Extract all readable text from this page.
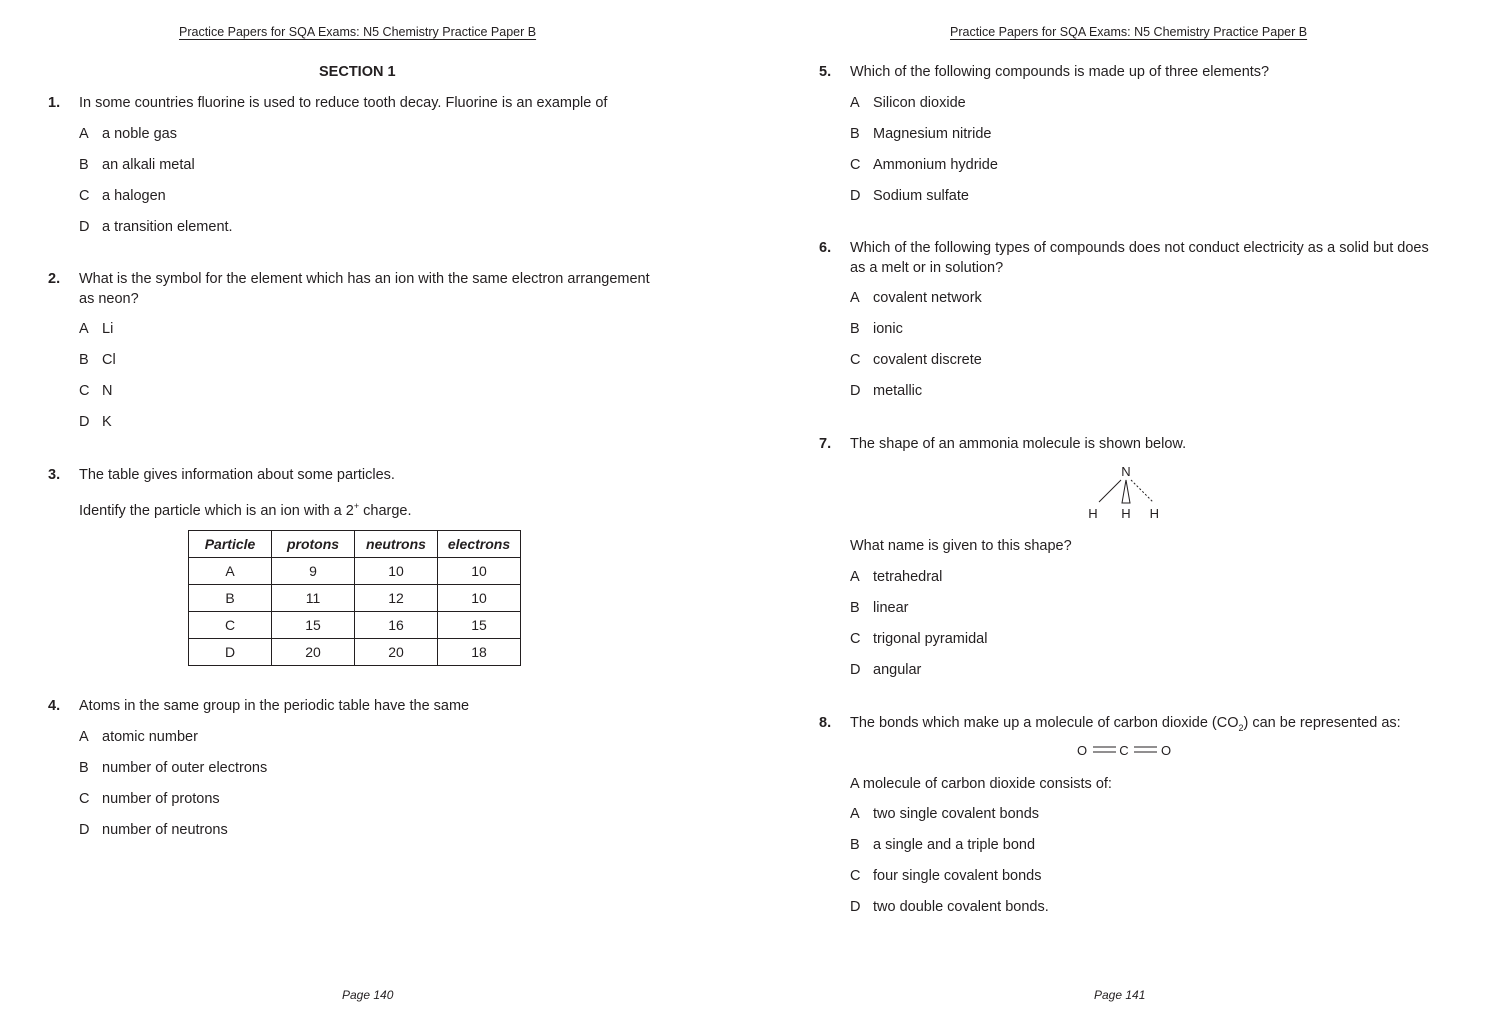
Practice Papers for SQA Exams: N5 Chemistry Practice Paper B
SECTION 1
1. In some countries fluorine is used to reduce tooth decay. Fluorine is an example of
A a noble gas
B an alkali metal
C a halogen
D a transition element.
2. What is the symbol for the element which has an ion with the same electron arrangement
as neon?
A Li
B Cl
C N
D K
3. The table gives information about some particles.
Identify the particle which is an ion with a 2+ charge.
Particle	protons	neutrons	electrons
A	9	10	10
B	11	12	10
C	15	16	15
D	20	20	18
4. Atoms in the same group in the periodic table have the same
A atomic number
B number of outer electrons
C number of protons
D number of neutrons
Page 140
Practice Papers for SQA Exams: N5 Chemistry Practice Paper B
5. Which of the following compounds is made up of three elements?
A Silicon dioxide
B Magnesium nitride
C Ammonium hydride
D Sodium sulfate
6. Which of the following types of compounds does not conduct electricity as a solid but does
as a melt or in solution?
A covalent network
B ionic
C covalent discrete
D metallic
7. The shape of an ammonia molecule is shown below.
N
H H H
What name is given to this shape?
A tetrahedral
B linear
C trigonal pyramidal
D angular
8. The bonds which make up a molecule of carbon dioxide $(CO_2)$ can be represented as:
O C O
A molecule of carbon dioxide consists of:
A two single covalent bonds
B a single and a triple bond
C four single covalent bonds
D two double covalent bonds.
Page 141
